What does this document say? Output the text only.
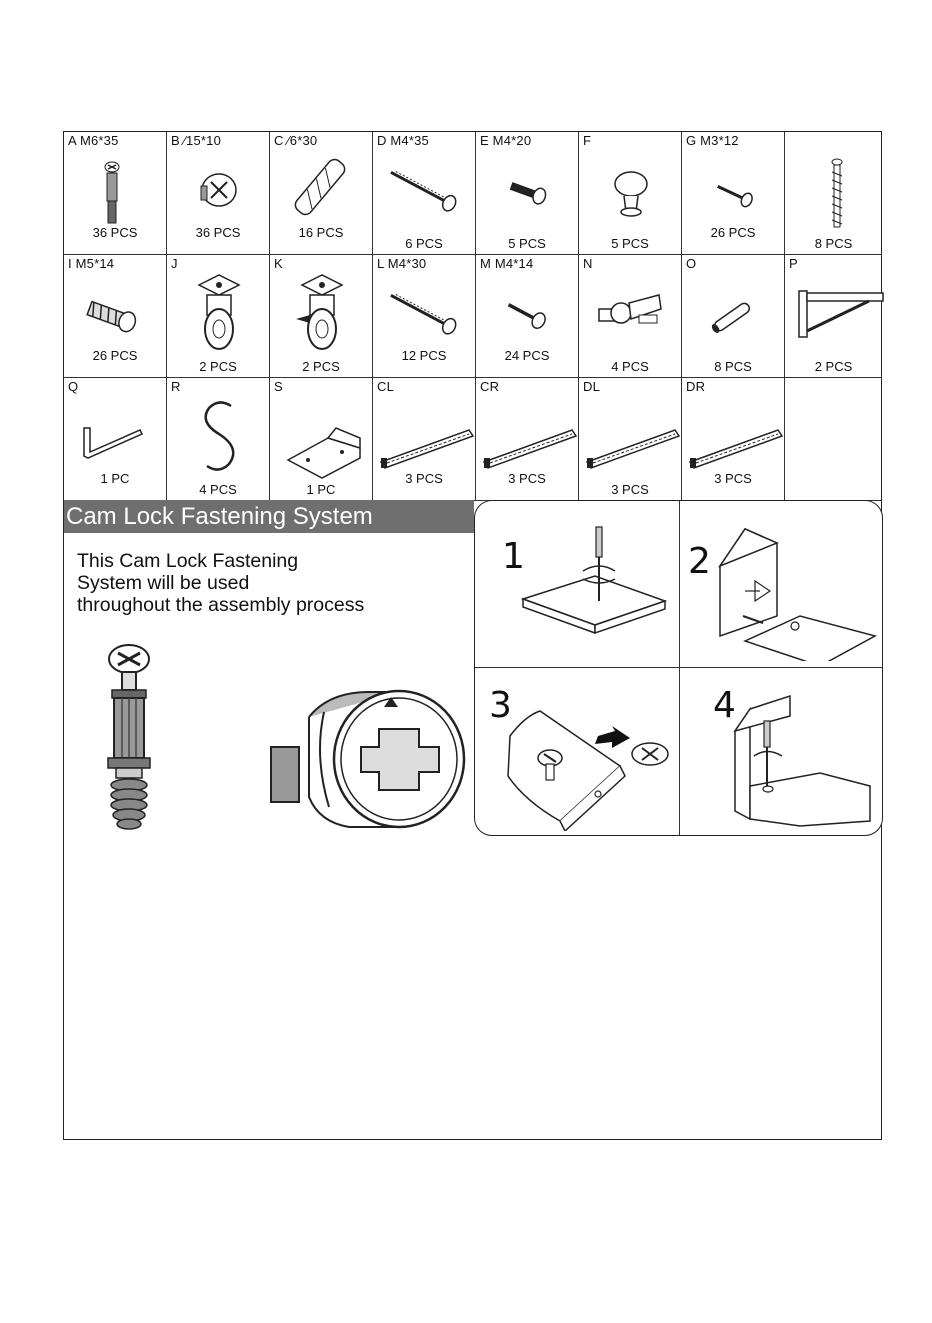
A M6*35
36 PCS
B ∕15*10
36 PCS
C ∕6*30
16 PCS
D M4*35
6 PCS
E M4*20
5 PCS
F
5 PCS
G M3*12
26 PCS
8 PCS
I M5*14
26 PCS
J
2 PCS
K
2 PCS
L M4*30
12 PCS
M M4*14
24 PCS
N
4 PCS
O
8 PCS
P
2 PCS
Q
1 PC
R
4 PCS
S
1 PC
CL
3 PCS
CR
3 PCS
DL
3 PCS
DR
3 PCS
Cam Lock Fastening System
This Cam Lock Fastening
System will be used
throughout the assembly process
1	2
3	4
